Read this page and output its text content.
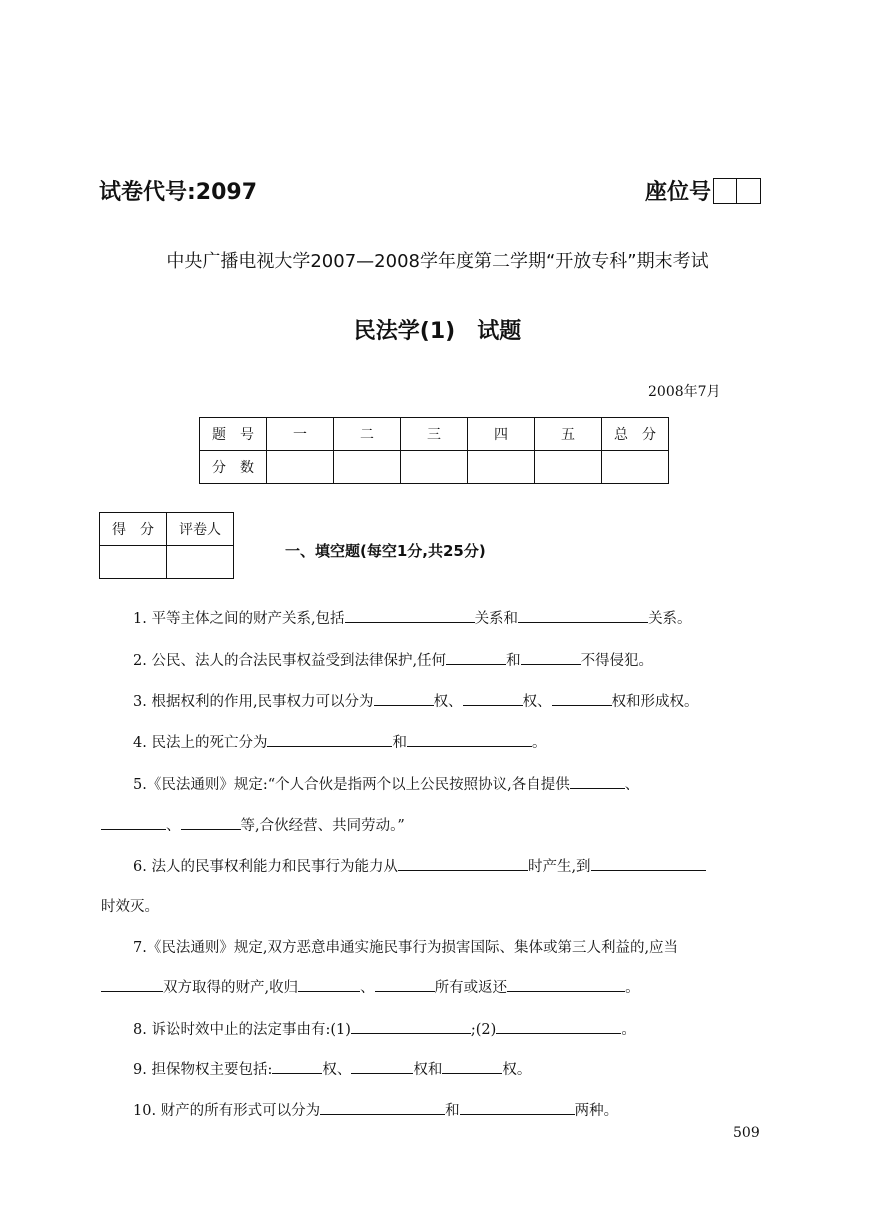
试卷代号:2097	座位号
中央广播电视大学2007—2008学年度第二学期“开放专科”期末考试
民法学(1)　试题
2008年7月
题　号	一	二	三	四	五	总　分
分　数						
得　分	评卷人

一、填空题(每空1分,共25分)
1. 平等主体之间的财产关系,包括	关系和	关系。
2. 公民、法人的合法民事权益受到法律保护,任何	和	不得侵犯。
3. 根据权利的作用,民事权力可以分为	权、	权、	权和形成权。
4. 民法上的死亡分为	和	。
5.《民法通则》规定:“个人合伙是指两个以上公民按照协议,各自提供	、
、	等,合伙经营、共同劳动。”
6. 法人的民事权利能力和民事行为能力从	时产生,到
时效灭。
7.《民法通则》规定,双方恶意串通实施民事行为损害国际、集体或第三人利益的,应当
双方取得的财产,收归	、	所有或返还	。
8. 诉讼时效中止的法定事由有:(1)	;(2)	。
9. 担保物权主要包括:	权、	权和	权。
10. 财产的所有形式可以分为	和	两种。
509
